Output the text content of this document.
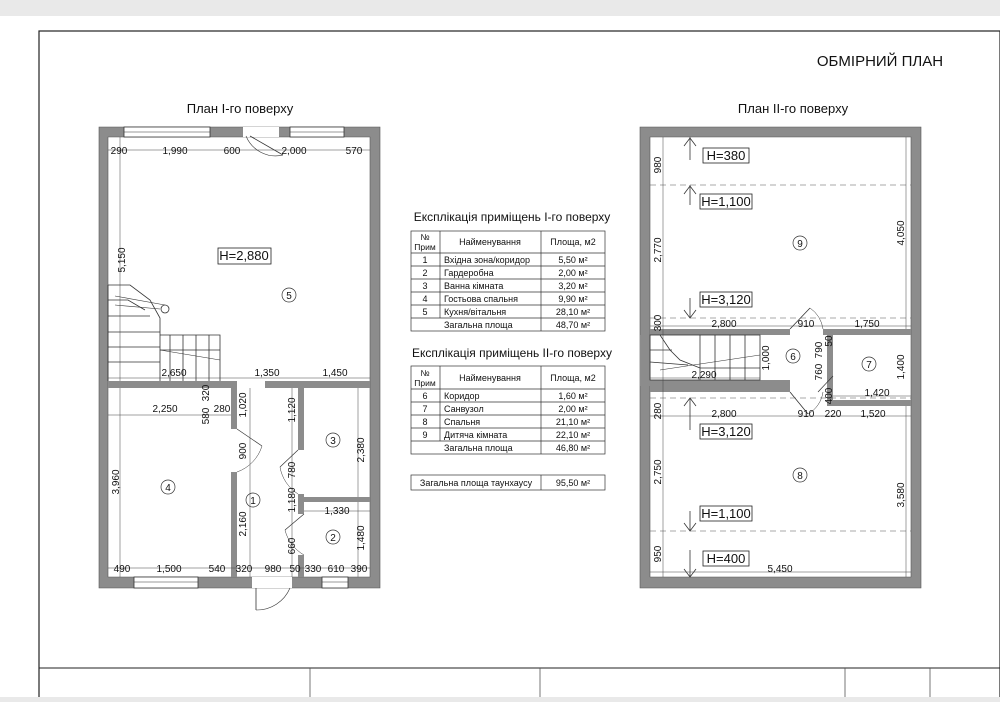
ОБМІРНИЙ ПЛАН
План І-го поверху	План ІІ-го поверху
H=2,880
1
2
3
4
5
290	1,990	600	2,000	570
5,150
2,650	1,350	1,450
2,250 580
320
280 1,020	1,120
2,380
900
780
3,960
1,180	1,330
2,160
660	1,480
490	1,500	540 320 980 50 330 610 390
H=380
H=1,100
H=3,120
H=3,120
H=1,100
H=400
9
6
7
8
980
2,770
4,050
300	2,800	910	1,750
1,000
760
790
50
400
1,400
2,290
1,420
280	2,800	910 220 1,520
2,750
3,580
950
5,450
Експлікація приміщень І-го поверху
№
Прим	Найменування	Площа, м2
1 Вхідна зона/коридор	5,50 м²
2 Гардеробна	2,00 м²
3 Ванна кімната	3,20 м²
4 Гостьова спальня	9,90 м²
5 Кухня/вітальня	28,10 м²
Загальна площа	48,70 м²
Експлікація приміщень ІІ-го поверху
№
Прим	Найменування	Площа, м2
6 Коридор	1,60 м²
7 Санвузол	2,00 м²
8 Спальня	21,10 м²
9 Дитяча кімната	22,10 м²
Загальна площа	46,80 м²
Загальна площа таунхаусу	95,50 м²
